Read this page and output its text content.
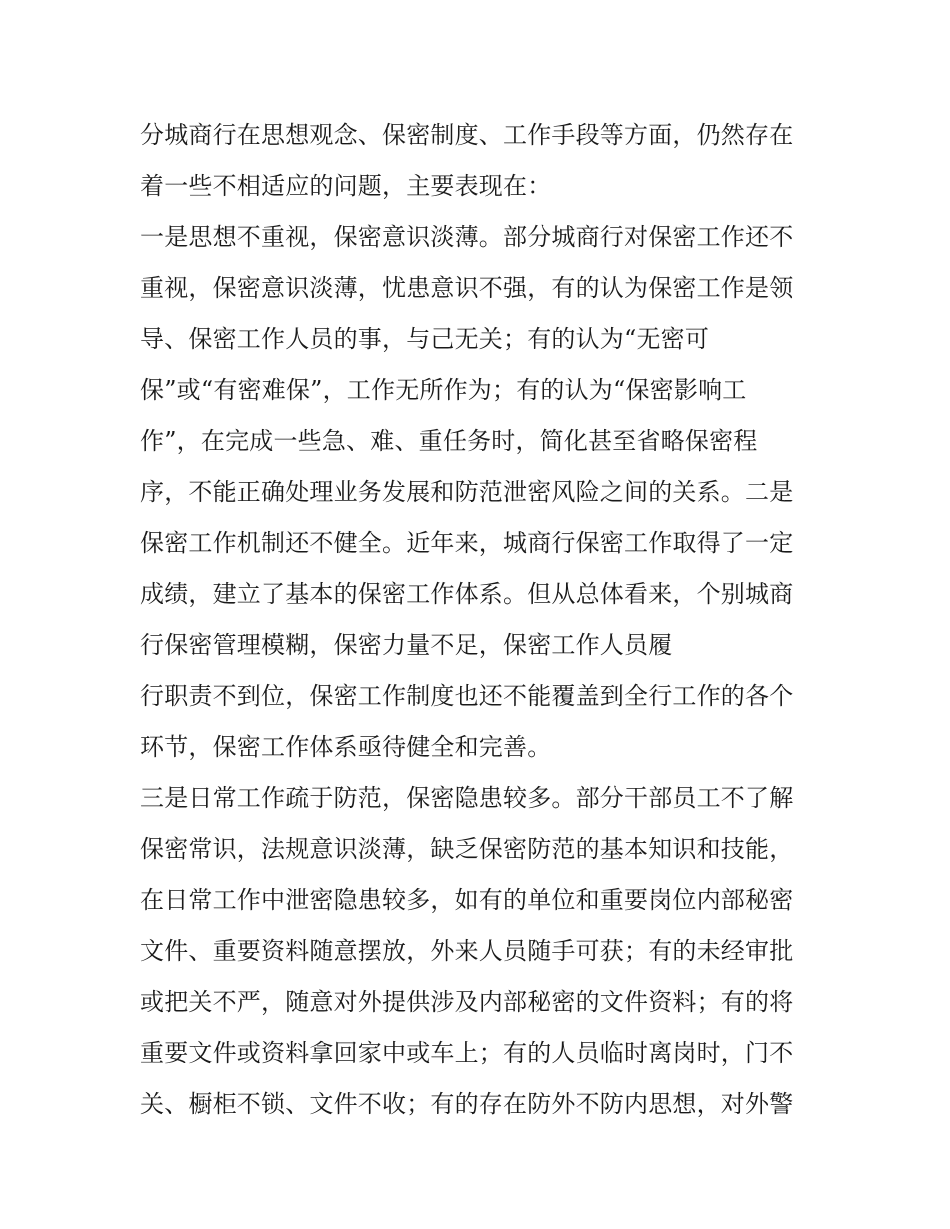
分城商行在思想观念、保密制度、工作手段等方面，仍然存在
着一些不相适应的问题，主要表现在：
一是思想不重视，保密意识淡薄。部分城商行对保密工作还不
重视，保密意识淡薄，忧患意识不强，有的认为保密工作是领
导、保密工作人员的事，与己无关；有的认为“无密可
保”或“有密难保”，工作无所作为；有的认为“保密影响工
作”，在完成一些急、难、重任务时，简化甚至省略保密程
序，不能正确处理业务发展和防范泄密风险之间的关系。二是
保密工作机制还不健全。近年来，城商行保密工作取得了一定
成绩，建立了基本的保密工作体系。但从总体看来，个别城商
行保密管理模糊，保密力量不足，保密工作人员履
行职责不到位，保密工作制度也还不能覆盖到全行工作的各个
环节，保密工作体系亟待健全和完善。
三是日常工作疏于防范，保密隐患较多。部分干部员工不了解
保密常识，法规意识淡薄，缺乏保密防范的基本知识和技能，
在日常工作中泄密隐患较多，如有的单位和重要岗位内部秘密
文件、重要资料随意摆放，外来人员随手可获；有的未经审批
或把关不严，随意对外提供涉及内部秘密的文件资料；有的将
重要文件或资料拿回家中或车上；有的人员临时离岗时，门不
关、橱柜不锁、文件不收；有的存在防外不防内思想，对外警
